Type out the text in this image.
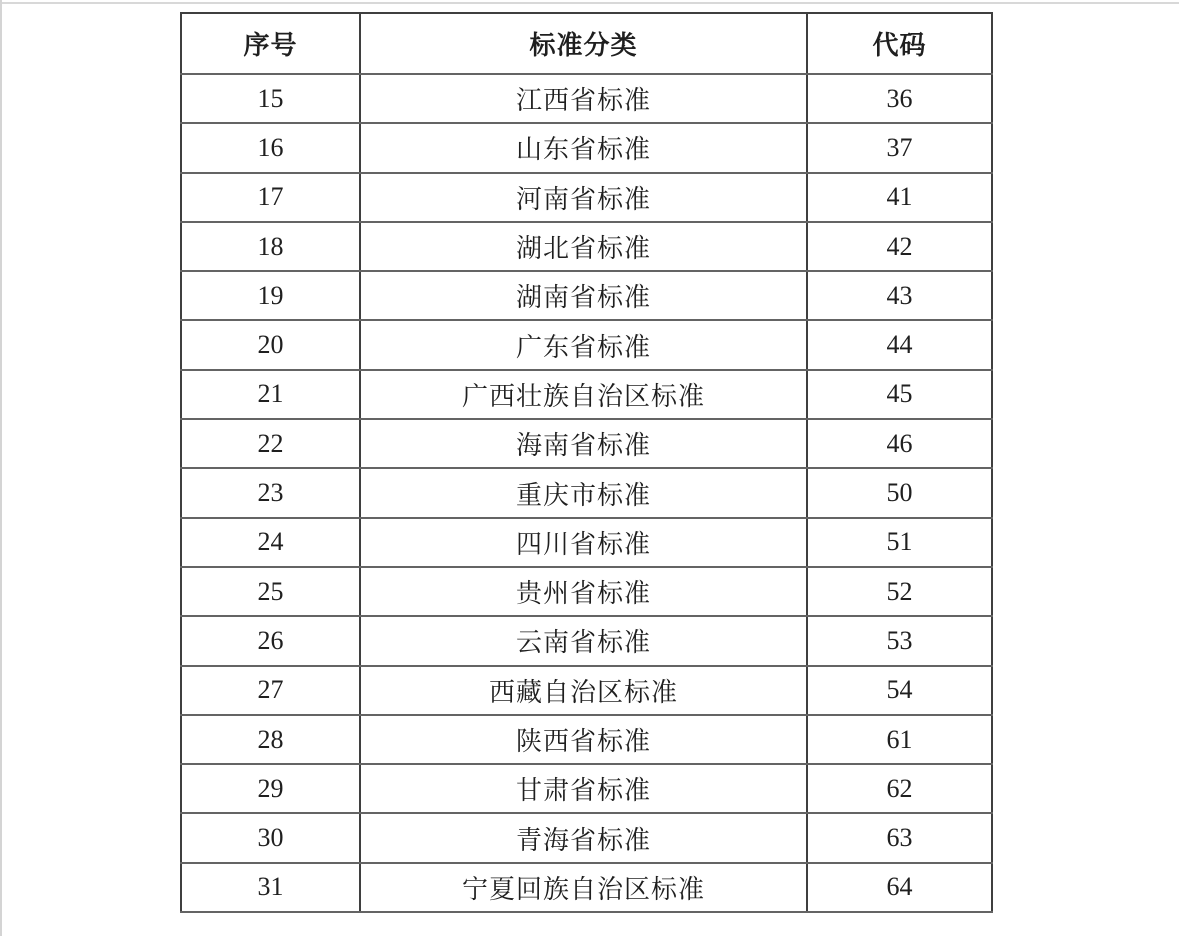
序号	标准分类	代码
15	江西省标准	36
16	山东省标准	37
17	河南省标准	41
18	湖北省标准	42
19	湖南省标准	43
20	广东省标准	44
21	广西壮族自治区标准	45
22	海南省标准	46
23	重庆市标准	50
24	四川省标准	51
25	贵州省标准	52
26	云南省标准	53
27	西藏自治区标准	54
28	陕西省标准	61
29	甘肃省标准	62
30	青海省标准	63
31	宁夏回族自治区标准	64
